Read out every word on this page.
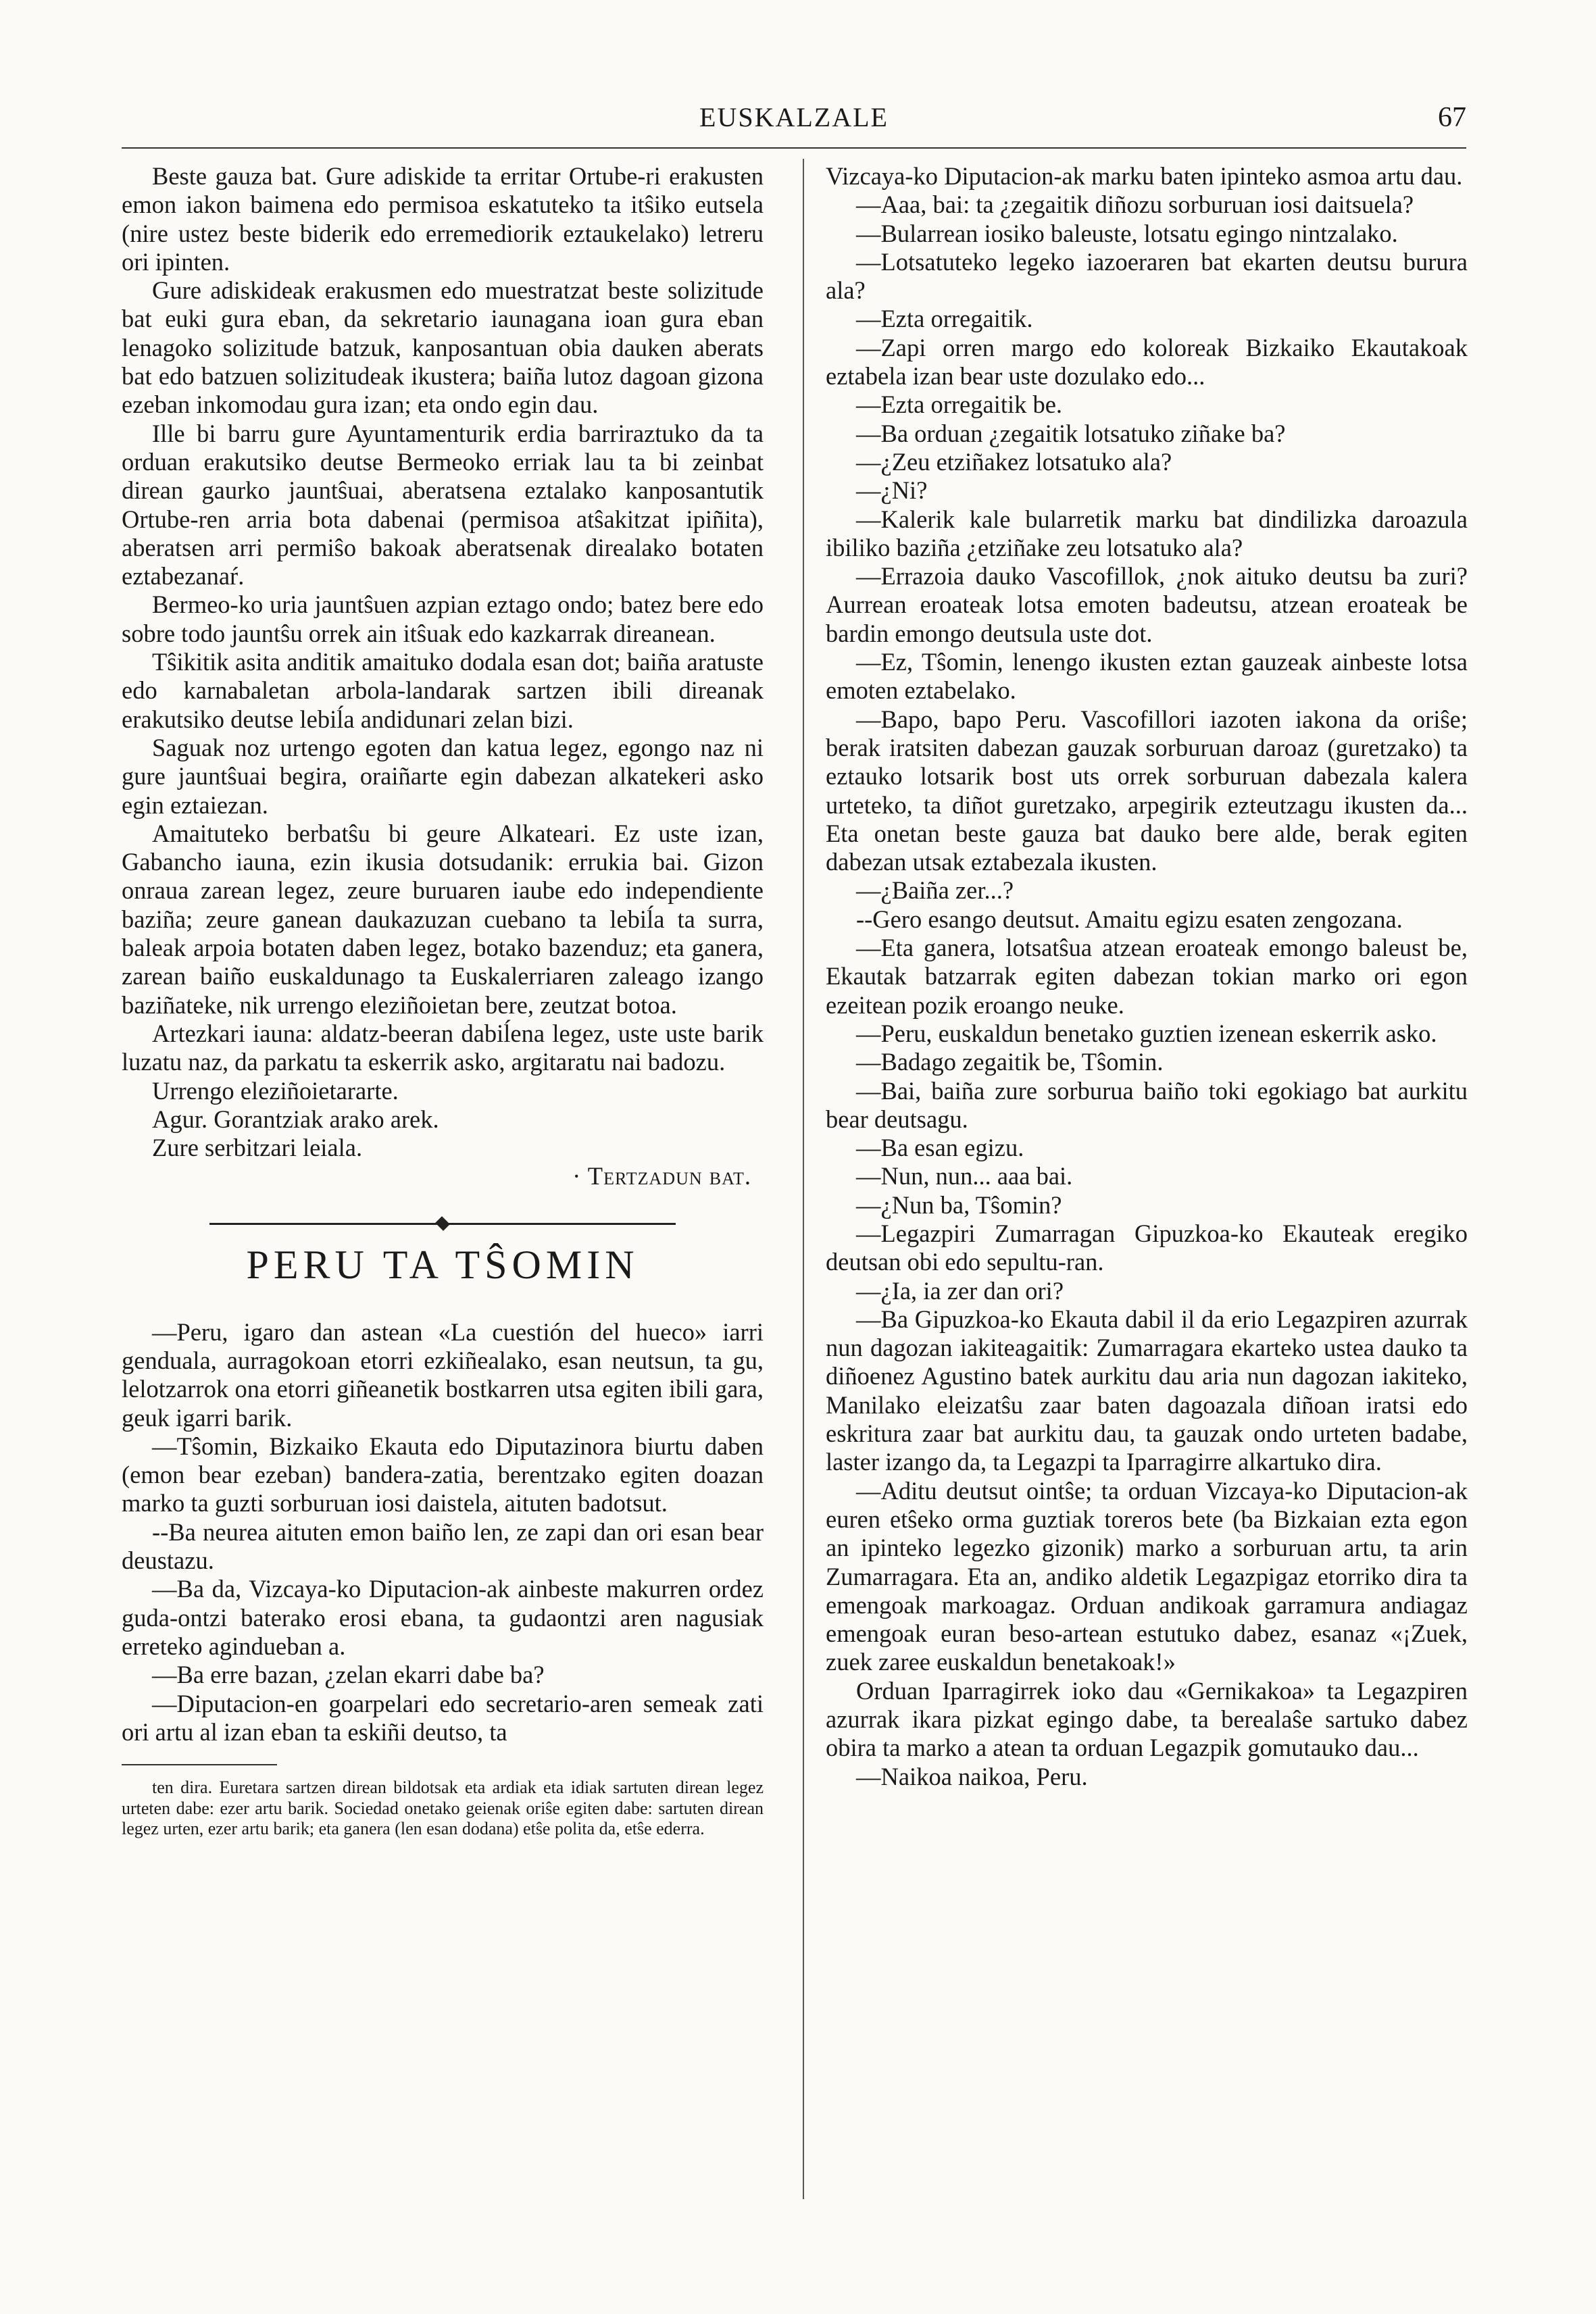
EUSKALZALE	67

Beste gauza bat. Gure adiskide ta erritar Ortube-ri erakusten emon iakon baimena edo permisoa eskatuteko ta itŝiko eutsela (nire ustez beste biderik edo erremediorik eztaukelako) letreru ori ipinten.

Gure adiskideak erakusmen edo muestratzat beste solizitude bat euki gura eban, da sekretario iaunagana ioan gura eban lenagoko solizitude batzuk, kanposantuan obia dauken aberats bat edo batzuen solizitudeak ikustera; baiña lutoz dagoan gizona ezeban inkomodau gura izan; eta ondo egin dau.

Ille bi barru gure Ayuntamenturik erdia barriraztuko da ta orduan erakutsiko deutse Bermeoko erriak lau ta bi zeinbat direan gaurko jauntŝuai, aberatsena eztalako kanposantutik Ortube-ren arria bota dabenai (permisoa atŝakitzat ipiñita), aberatsen arri permiŝo bakoak aberatsenak direalako botaten eztabezanaŕ.

Bermeo-ko uria jauntŝuen azpian eztago ondo; batez bere edo sobre todo jauntŝu orrek ain itŝuak edo kazkarrak direanean.

Tŝikitik asita anditik amaituko dodala esan dot; baiña aratuste edo karnabaletan arbola-landarak sartzen ibili direanak erakutsiko deutse lebiĺa andidunari zelan bizi.

Saguak noz urtengo egoten dan katua legez, egongo naz ni gure jauntŝuai begira, oraiñarte egin dabezan alkatekeri asko egin eztaiezan.

Amaituteko berbatŝu bi geure Alkateari. Ez uste izan, Gabancho iauna, ezin ikusia dotsudanik: errukia bai. Gizon onraua zarean legez, zeure buruaren iaube edo independiente baziña; zeure ganean daukazuzan cuebano ta lebiĺa ta surra, baleak arpoia botaten daben legez, botako bazenduz; eta ganera, zarean baiño euskaldunago ta Euskalerriaren zaleago izango baziñateke, nik urrengo eleziñoietan bere, zeutzat botoa.

Artezkari iauna: aldatz-beeran dabiĺena legez, uste uste barik luzatu naz, da parkatu ta eskerrik asko, argitaratu nai badozu.

Urrengo eleziñoietarartе.

Agur. Gorantziak arako arek.

Zure serbitzari leiala.

· Tertzadun bat.

PERU TA TŜOMIN

—Peru, igaro dan astean «La cuestión del hueco» iarri genduala, aurragokoan etorri ezkiñealako, esan neutsun, ta gu, lelotzarrok ona etorri giñeanetik bostkarren utsa egiten ibili gara, geuk igarri barik.

—Tŝomin, Bizkaiko Ekauta edo Diputazinora biurtu daben (emon bear ezeban) bandera-zatia, berentzako egiten doazan marko ta guzti sorburuan iosi daistela, aituten badotsut.

--Ba neurea aituten emon baiño len, ze zapi dan ori esan bear deustazu.

—Ba da, Vizcaya-ko Diputacion-ak ainbeste makurren ordez guda-ontzi baterako erosi ebana, ta gudaontzi aren nagusiak erreteko agindueban a.

—Ba erre bazan, ¿zelan ekarri dabe ba?

—Diputacion-en goarpelari edo secretario-aren semeak zati ori artu al izan eban ta eskiñi deutso, ta

ten dira. Euretara sartzen direan bildotsak eta ardiak eta idiak sartuten direan legez urteten dabe: ezer artu barik. Sociedad onetako geienak oriŝe egiten dabe: sartuten direan legez urten, ezer artu barik; eta ganera (len esan dodana) etŝe polita da, etŝe ederra.

Vizcaya-ko Diputacion-ak marku baten ipinteko asmoa artu dau.

—Aaa, bai: ta ¿zegaitik diñozu sorburuan iosi daitsuela?

—Bularrean iosiko baleuste, lotsatu egingo nintzalako.

—Lotsatuteko legeko iazoeraren bat ekarten deutsu burura ala?

—Ezta orregaitik.

—Zapi orren margo edo koloreak Bizkaiko Ekautakoak eztabela izan bear uste dozulako edo...

—Ezta orregaitik be.

—Ba orduan ¿zegaitik lotsatuko ziñake ba?

—¿Zeu etziñakez lotsatuko ala?

—¿Ni?

—Kalerik kale bularretik marku bat dindilizka daroazula ibiliko baziña ¿etziñake zeu lotsatuko ala?

—Errazoia dauko Vascofillok, ¿nok aituko deutsu ba zuri? Aurrean eroateak lotsa emoten badeutsu, atzean eroateak be bardin emongo deutsula uste dot.

—Ez, Tŝomin, lenengo ikusten eztan gauzeak ainbeste lotsa emoten eztabelako.

—Bapo, bapo Peru. Vascofillori iazoten iakona da oriŝe; berak iratsiten dabezan gauzak sorburuan daroaz (guretzako) ta eztauko lotsarik bost uts orrek sorburuan dabezala kalera urteteko, ta diñot guretzako, arpegirik ezteutzagu ikusten da... Eta onetan beste gauza bat dauko bere alde, berak egiten dabezan utsak eztabezala ikusten.

—¿Baiña zer...?

--Gero esango deutsut. Amaitu egizu esaten zengozana.

—Eta ganera, lotsatŝua atzean eroateak emongo baleust be, Ekautak batzarrak egiten dabezan tokian marko ori egon ezeitean pozik eroango neuke.

—Peru, euskaldun benetako guztien izenean eskerrik asko.

—Badago zegaitik be, Tŝomin.

—Bai, baiña zure sorburua baiño toki egokiago bat aurkitu bear deutsagu.

—Ba esan egizu.

—Nun, nun... aaa bai.

—¿Nun ba, Tŝomin?

—Legazpiri Zumarragan Gipuzkoa-ko Ekauteak eregiko deutsan obi edo sepultu-ran.

—¿Ia, ia zer dan ori?

—Ba Gipuzkoa-ko Ekauta dabil il da erio Legazpiren azurrak nun dagozan iakiteagaitik: Zumarragara ekarteko ustea dauko ta diñoenez Agustino batek aurkitu dau aria nun dagozan iakiteko, Manilako eleizatŝu zaar baten dagoazala diñoan iratsi edo eskritura zaar bat aurkitu dau, ta gauzak ondo urteten badabe, laster izango da, ta Legazpi ta Iparragirre alkartuko dira.

—Aditu deutsut ointŝe; ta orduan Vizcaya-ko Diputacion-ak euren etŝeko orma guztiak toreros bete (ba Bizkaian ezta egon an ipinteko legezko gizonik) marko a sorburuan artu, ta arin Zumarragara. Eta an, andiko aldetik Legazpigaz etorriko dira ta emengoak markoagaz. Orduan andikoak garramura andiagaz emengoak euran beso-artean estutuko dabez, esanaz «¡Zuek, zuek zaree euskaldun benetakoak!»

Orduan Iparragirrek ioko dau «Gernikakoa» ta Legazpiren azurrak ikara pizkat egingo dabe, ta berealaŝe sartuko dabez obira ta marko a atean ta orduan Legazpik gomutauko dau...

—Naikoa naikoa, Peru.
